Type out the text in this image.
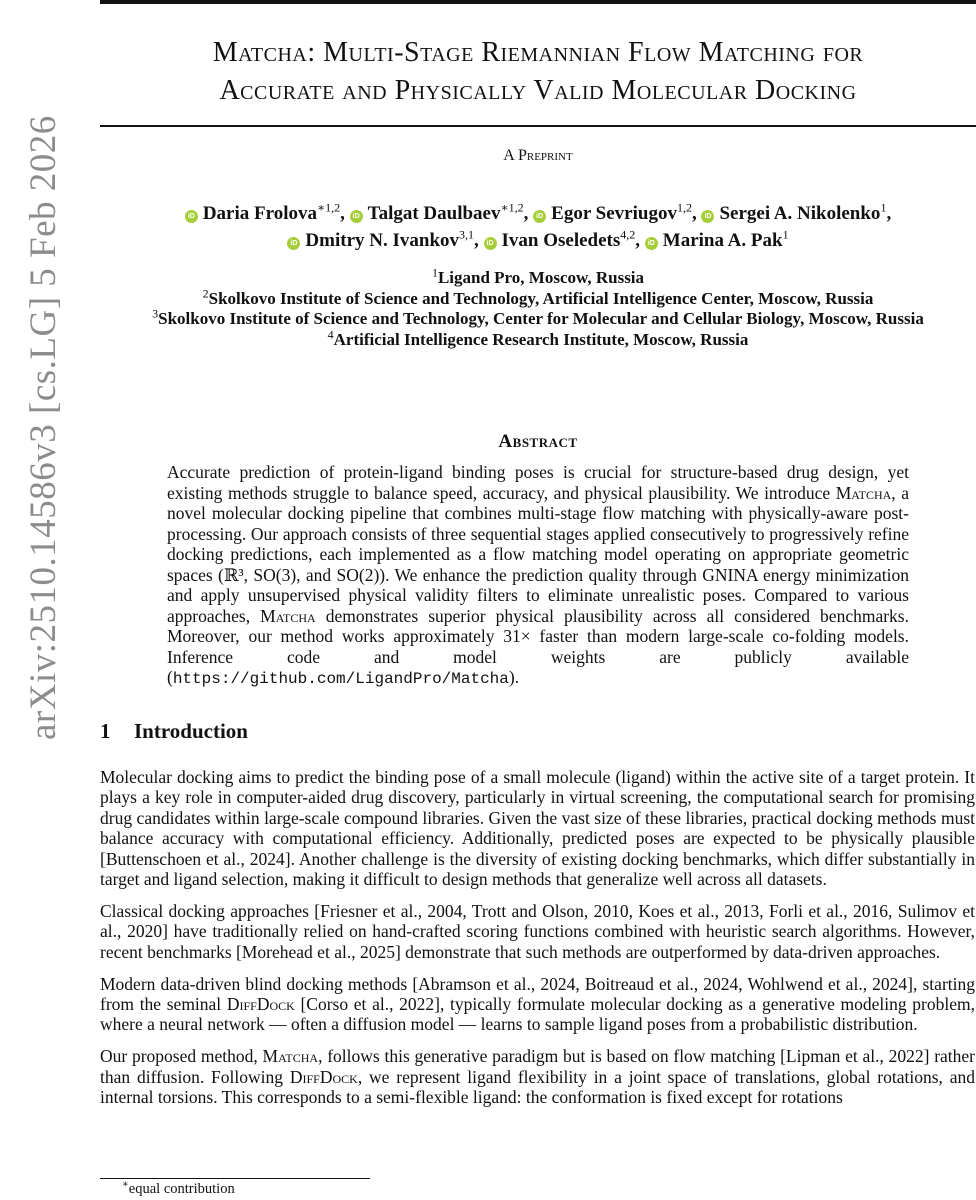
arXiv:2510.14586v3 [cs.LG] 5 Feb 2026
Matcha: Multi-Stage Riemannian Flow Matching for
Accurate and Physically Valid Molecular Docking
A Preprint
iD Daria Frolova$^{∗1,2}$, iD Talgat Daulbaev$^{∗1,2}$, iD Egor Sevriugov$^{1,2}$, iD Sergei A. Nikolenko$^1$,
iD Dmitry N. Ivankov$^{3,1}$, iD Ivan Oseledets$^{4,2}$, iD Marina A. Pak$^1$
$^1$Ligand Pro, Moscow, Russia
$^2$Skolkovo Institute of Science and Technology, Artificial Intelligence Center, Moscow, Russia
$^3$Skolkovo Institute of Science and Technology, Center for Molecular and Cellular Biology, Moscow, Russia
$^4$Artificial Intelligence Research Institute, Moscow, Russia
Abstract
Accurate prediction of protein-ligand binding poses is crucial for structure-based drug design, yet existing methods struggle to balance speed, accuracy, and physical plausibility. We introduce Matcha, a novel molecular docking pipeline that combines multi-stage flow matching with physically-aware post-processing. Our approach consists of three sequential stages applied consecutively to progressively refine docking predictions, each implemented as a flow matching model operating on appropriate geometric spaces (ℝ³, SO(3), and SO(2)). We enhance the prediction quality through GNINA energy minimization and apply unsupervised physical validity filters to eliminate unrealistic poses. Compared to various approaches, Matcha demonstrates superior physical plausibility across all considered benchmarks. Moreover, our method works approximately 31× faster than modern large-scale co-folding models. Inference code and model weights are publicly available (https://github.com/LigandPro/Matcha).
1 Introduction

Molecular docking aims to predict the binding pose of a small molecule (ligand) within the active site of a target protein. It plays a key role in computer-aided drug discovery, particularly in virtual screening, the computational search for promising drug candidates within large-scale compound libraries. Given the vast size of these libraries, practical docking methods must balance accuracy with computational efficiency. Additionally, predicted poses are expected to be physically plausible [Buttenschoen et al., 2024]. Another challenge is the diversity of existing docking benchmarks, which differ substantially in target and ligand selection, making it difficult to design methods that generalize well across all datasets.

Classical docking approaches [Friesner et al., 2004, Trott and Olson, 2010, Koes et al., 2013, Forli et al., 2016, Sulimov et al., 2020] have traditionally relied on hand-crafted scoring functions combined with heuristic search algorithms. However, recent benchmarks [Morehead et al., 2025] demonstrate that such methods are outperformed by data-driven approaches.

Modern data-driven blind docking methods [Abramson et al., 2024, Boitreaud et al., 2024, Wohlwend et al., 2024], starting from the seminal DiffDock [Corso et al., 2022], typically formulate molecular docking as a generative modeling problem, where a neural network — often a diffusion model — learns to sample ligand poses from a probabilistic distribution.

Our proposed method, Matcha, follows this generative paradigm but is based on flow matching [Lipman et al., 2022] rather than diffusion. Following DiffDock, we represent ligand flexibility in a joint space of translations, global rotations, and internal torsions. This corresponds to a semi-flexible ligand: the conformation is fixed except for rotations

∗equal contribution
